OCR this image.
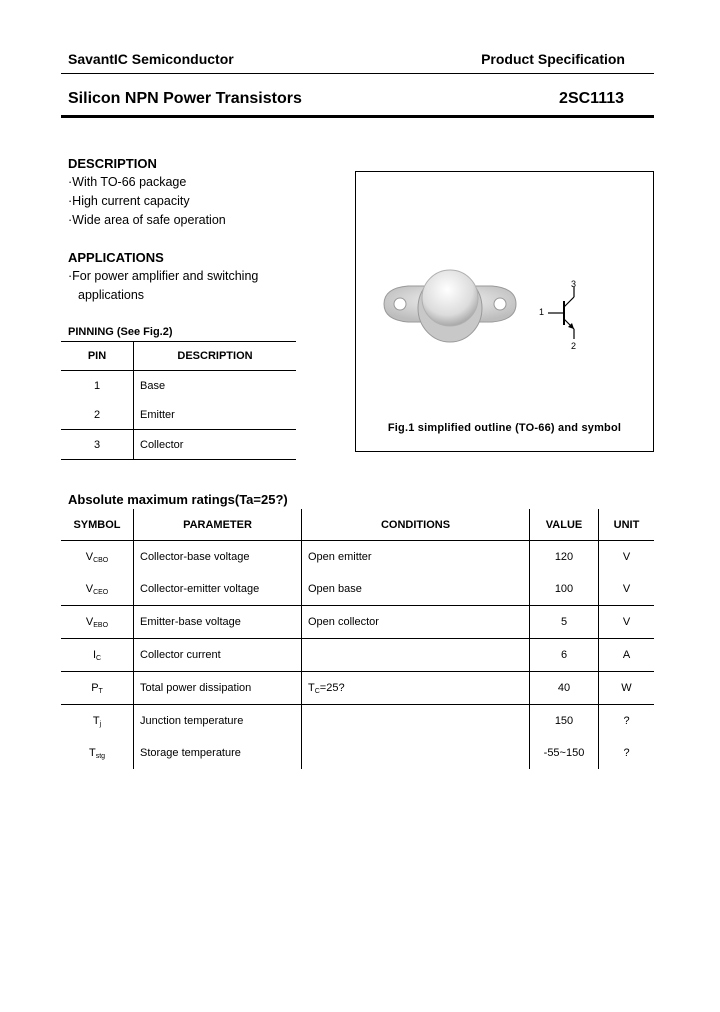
SavantIC Semiconductor	Product Specification
Silicon NPN Power Transistors	2SC1113
DESCRIPTION
·With TO-66 package
·High current capacity
·Wide area of safe operation
APPLICATIONS
·For power amplifier and switching
applications
PINNING (See Fig.2)
PIN	DESCRIPTION
1	Base
2	Emitter
3	Collector
3
1
2
Fig.1 simplified outline (TO-66) and symbol
Absolute maximum ratings(Ta=25?)
SYMBOL	PARAMETER	CONDITIONS	VALUE	UNIT
$V_{CBO}$	Collector-base voltage	Open emitter	120	V
$V_{CEO}$	Collector-emitter voltage	Open base	100	V
$V_{EBO}$	Emitter-base voltage	Open collector	5	V
$I_C$	Collector current		6	A
$P_T$	Total power dissipation	$T_C=25$?	40	W
$T_j$	Junction temperature		150	?
$T_{stg}$	Storage temperature		-55~150	?
